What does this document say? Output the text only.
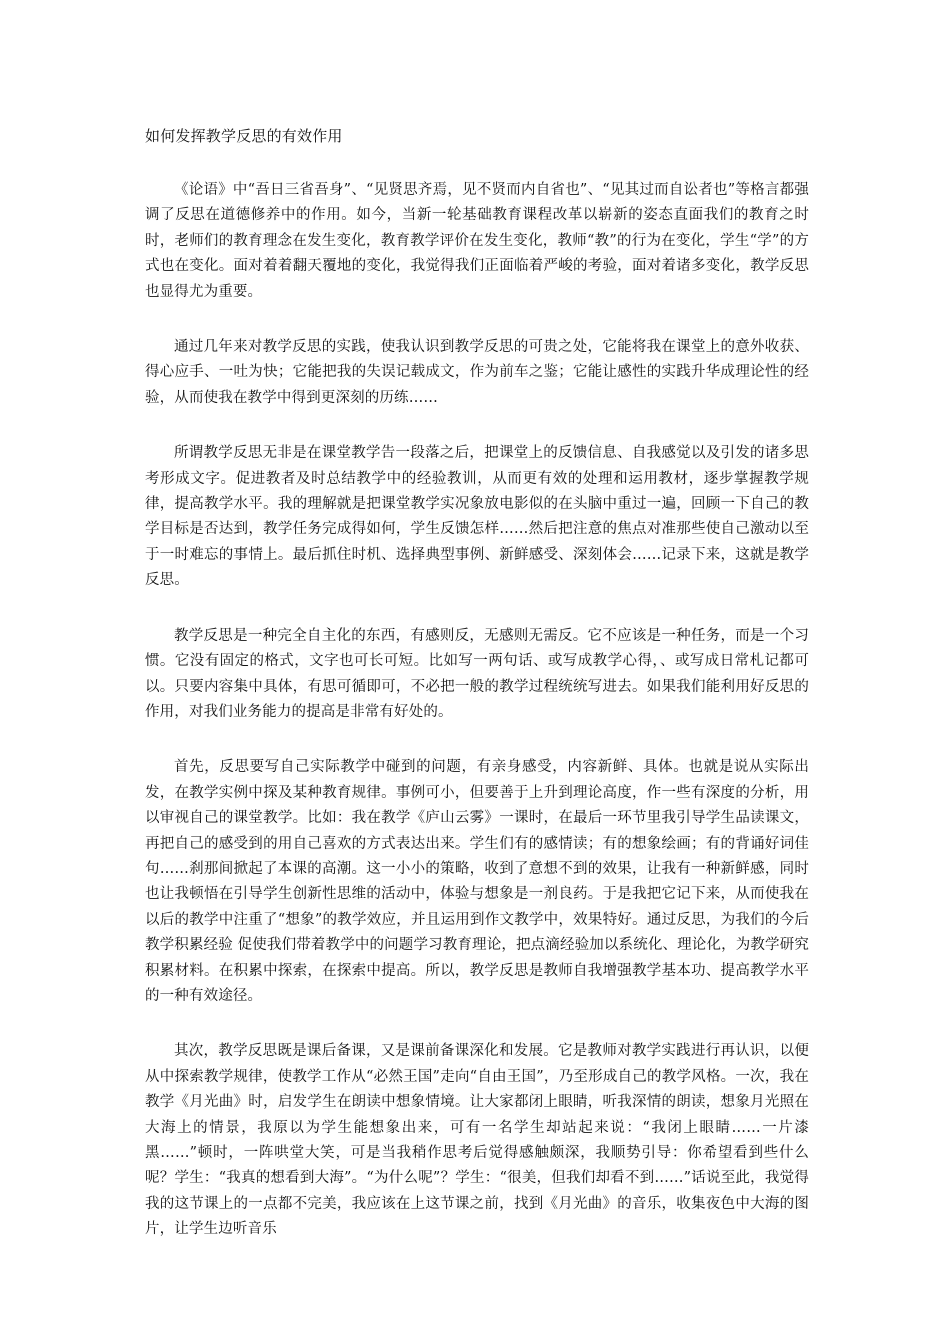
如何发挥教学反思的有效作用

《论语》中“吾日三省吾身”、“见贤思齐焉，见不贤而内自省也”、“见其过而自讼者也”等格言都强调了反思在道德修养中的作用。如今，当新一轮基础教育课程改革以崭新的姿态直面我们的教育之时时，老师们的教育理念在发生变化，教育教学评价在发生变化，教师“教”的行为在变化，学生“学”的方式也在变化。面对着着翻天覆地的变化，我觉得我们正面临着严峻的考验，面对着诸多变化，教学反思也显得尤为重要。

通过几年来对教学反思的实践，使我认识到教学反思的可贵之处，它能将我在课堂上的意外收获、得心应手、一吐为快；它能把我的失误记载成文，作为前车之鉴；它能让感性的实践升华成理论性的经验，从而使我在教学中得到更深刻的历练……

所谓教学反思无非是在课堂教学告一段落之后，把课堂上的反馈信息、自我感觉以及引发的诸多思考形成文字。促进教者及时总结教学中的经验教训，从而更有效的处理和运用教材，逐步掌握教学规律，提高教学水平。我的理解就是把课堂教学实况象放电影似的在头脑中重过一遍，回顾一下自己的教学目标是否达到，教学任务完成得如何，学生反馈怎样……然后把注意的焦点对准那些使自己激动以至于一时难忘的事情上。最后抓住时机、选择典型事例、新鲜感受、深刻体会……记录下来，这就是教学反思。

教学反思是一种完全自主化的东西，有感则反，无感则无需反。它不应该是一种任务，而是一个习惯。它没有固定的格式，文字也可长可短。比如写一两句话、或写成教学心得，、或写成日常札记都可以。只要内容集中具体，有思可循即可，不必把一般的教学过程统统写进去。如果我们能利用好反思的作用，对我们业务能力的提高是非常有好处的。

首先，反思要写自己实际教学中碰到的问题，有亲身感受，内容新鲜、具体。也就是说从实际出发，在教学实例中探及某种教育规律。事例可小，但要善于上升到理论高度，作一些有深度的分析，用以审视自己的课堂教学。比如：我在教学《庐山云雾》一课时，在最后一环节里我引导学生品读课文，再把自己的感受到的用自己喜欢的方式表达出来。学生们有的感情读；有的想象绘画；有的背诵好词佳句……刹那间掀起了本课的高潮。这一小小的策略，收到了意想不到的效果，让我有一种新鲜感，同时也让我顿悟在引导学生创新性思维的活动中，体验与想象是一剂良药。于是我把它记下来，从而使我在以后的教学中注重了“想象”的教学效应，并且运用到作文教学中，效果特好。通过反思，为我们的今后教学积累经验 促使我们带着教学中的问题学习教育理论，把点滴经验加以系统化、理论化，为教学研究积累材料。在积累中探索，在探索中提高。所以，教学反思是教师自我增强教学基本功、提高教学水平的一种有效途径。

其次，教学反思既是课后备课，又是课前备课深化和发展。它是教师对教学实践进行再认识，以便从中探索教学规律，使教学工作从“必然王国”走向“自由王国”，乃至形成自己的教学风格。一次，我在教学《月光曲》时，启发学生在朗读中想象情境。让大家都闭上眼睛，听我深情的朗读，想象月光照在大海上的情景，我原以为学生能想象出来，可有一名学生却站起来说：“我闭上眼睛……一片漆黑……”顿时，一阵哄堂大笑，可是当我稍作思考后觉得感触颇深，我顺势引导：你希望看到些什么呢？学生：“我真的想看到大海”。“为什么呢”？学生：“很美，但我们却看不到……”话说至此，我觉得我的这节课上的一点都不完美，我应该在上这节课之前，找到《月光曲》的音乐，收集夜色中大海的图片，让学生边听音乐
